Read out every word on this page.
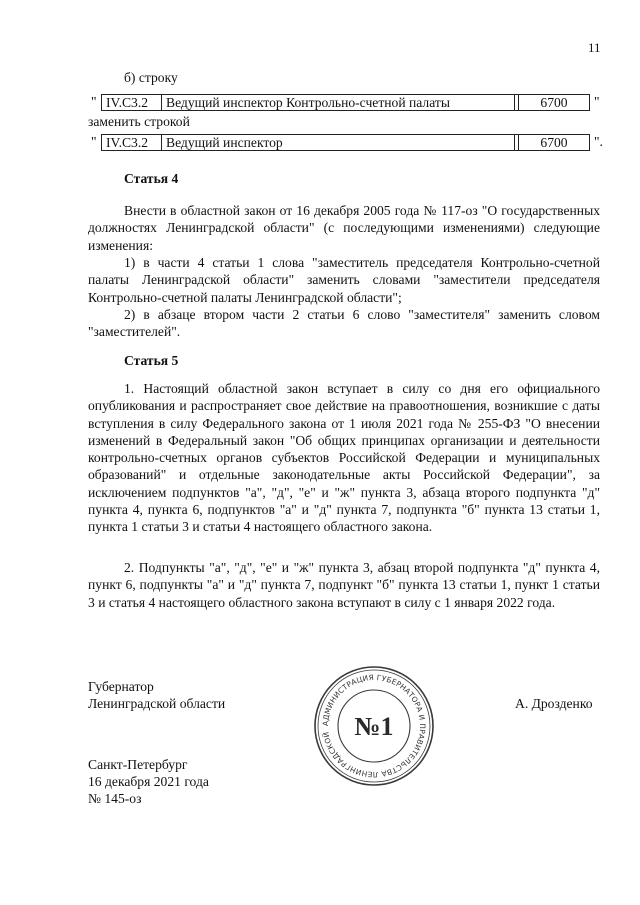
11
б) строку
" IV.С3.2	Ведущий инспектор Контрольно-счетной палаты	6700	"
заменить строкой
" IV.С3.2	Ведущий инспектор	6700	".
Статья 4
Внести в областной закон от 16 декабря 2005 года № 117-оз "О государственных должностях Ленинградской области" (с последующими изменениями) следующие изменения:
1) в части 4 статьи 1 слова "заместитель председателя Контрольно-счетной палаты Ленинградской области" заменить словами "заместители председателя Контрольно-счетной палаты Ленинградской области";
2) в абзаце втором части 2 статьи 6 слово "заместителя" заменить словом "заместителей".
Статья 5
1. Настоящий областной закон вступает в силу со дня его официального опубликования и распространяет свое действие на правоотношения, возникшие с даты вступления в силу Федерального закона от 1 июля 2021 года № 255-ФЗ "О внесении изменений в Федеральный закон "Об общих принципах организации и деятельности контрольно-счетных органов субъектов Российской Федерации и муниципальных образований" и отдельные законодательные акты Российской Федерации", за исключением подпунктов "а", "д", "е" и "ж" пункта 3, абзаца второго подпункта "д" пункта 4, пункта 6, подпунктов "а" и "д" пункта 7, подпункта "б" пункта 13 статьи 1, пункта 1 статьи 3 и статьи 4 настоящего областного закона.
2. Подпункты "а", "д", "е" и "ж" пункта 3, абзац второй подпункта "д" пункта 4, пункт 6, подпункты "а" и "д" пункта 7, подпункт "б" пункта 13 статьи 1, пункт 1 статьи 3 и статья 4 настоящего областного закона вступают в силу с 1 января 2022 года.
Губернатор
Ленинградской области	А. Дрозденко
АДМИНИСТРАЦИЯ ГУБЕРНАТОРА И ПРАВИТЕЛЬСТВА ЛЕНИНГРАДСКОЙ №1
Санкт-Петербург
16 декабря 2021 года
№ 145-оз
